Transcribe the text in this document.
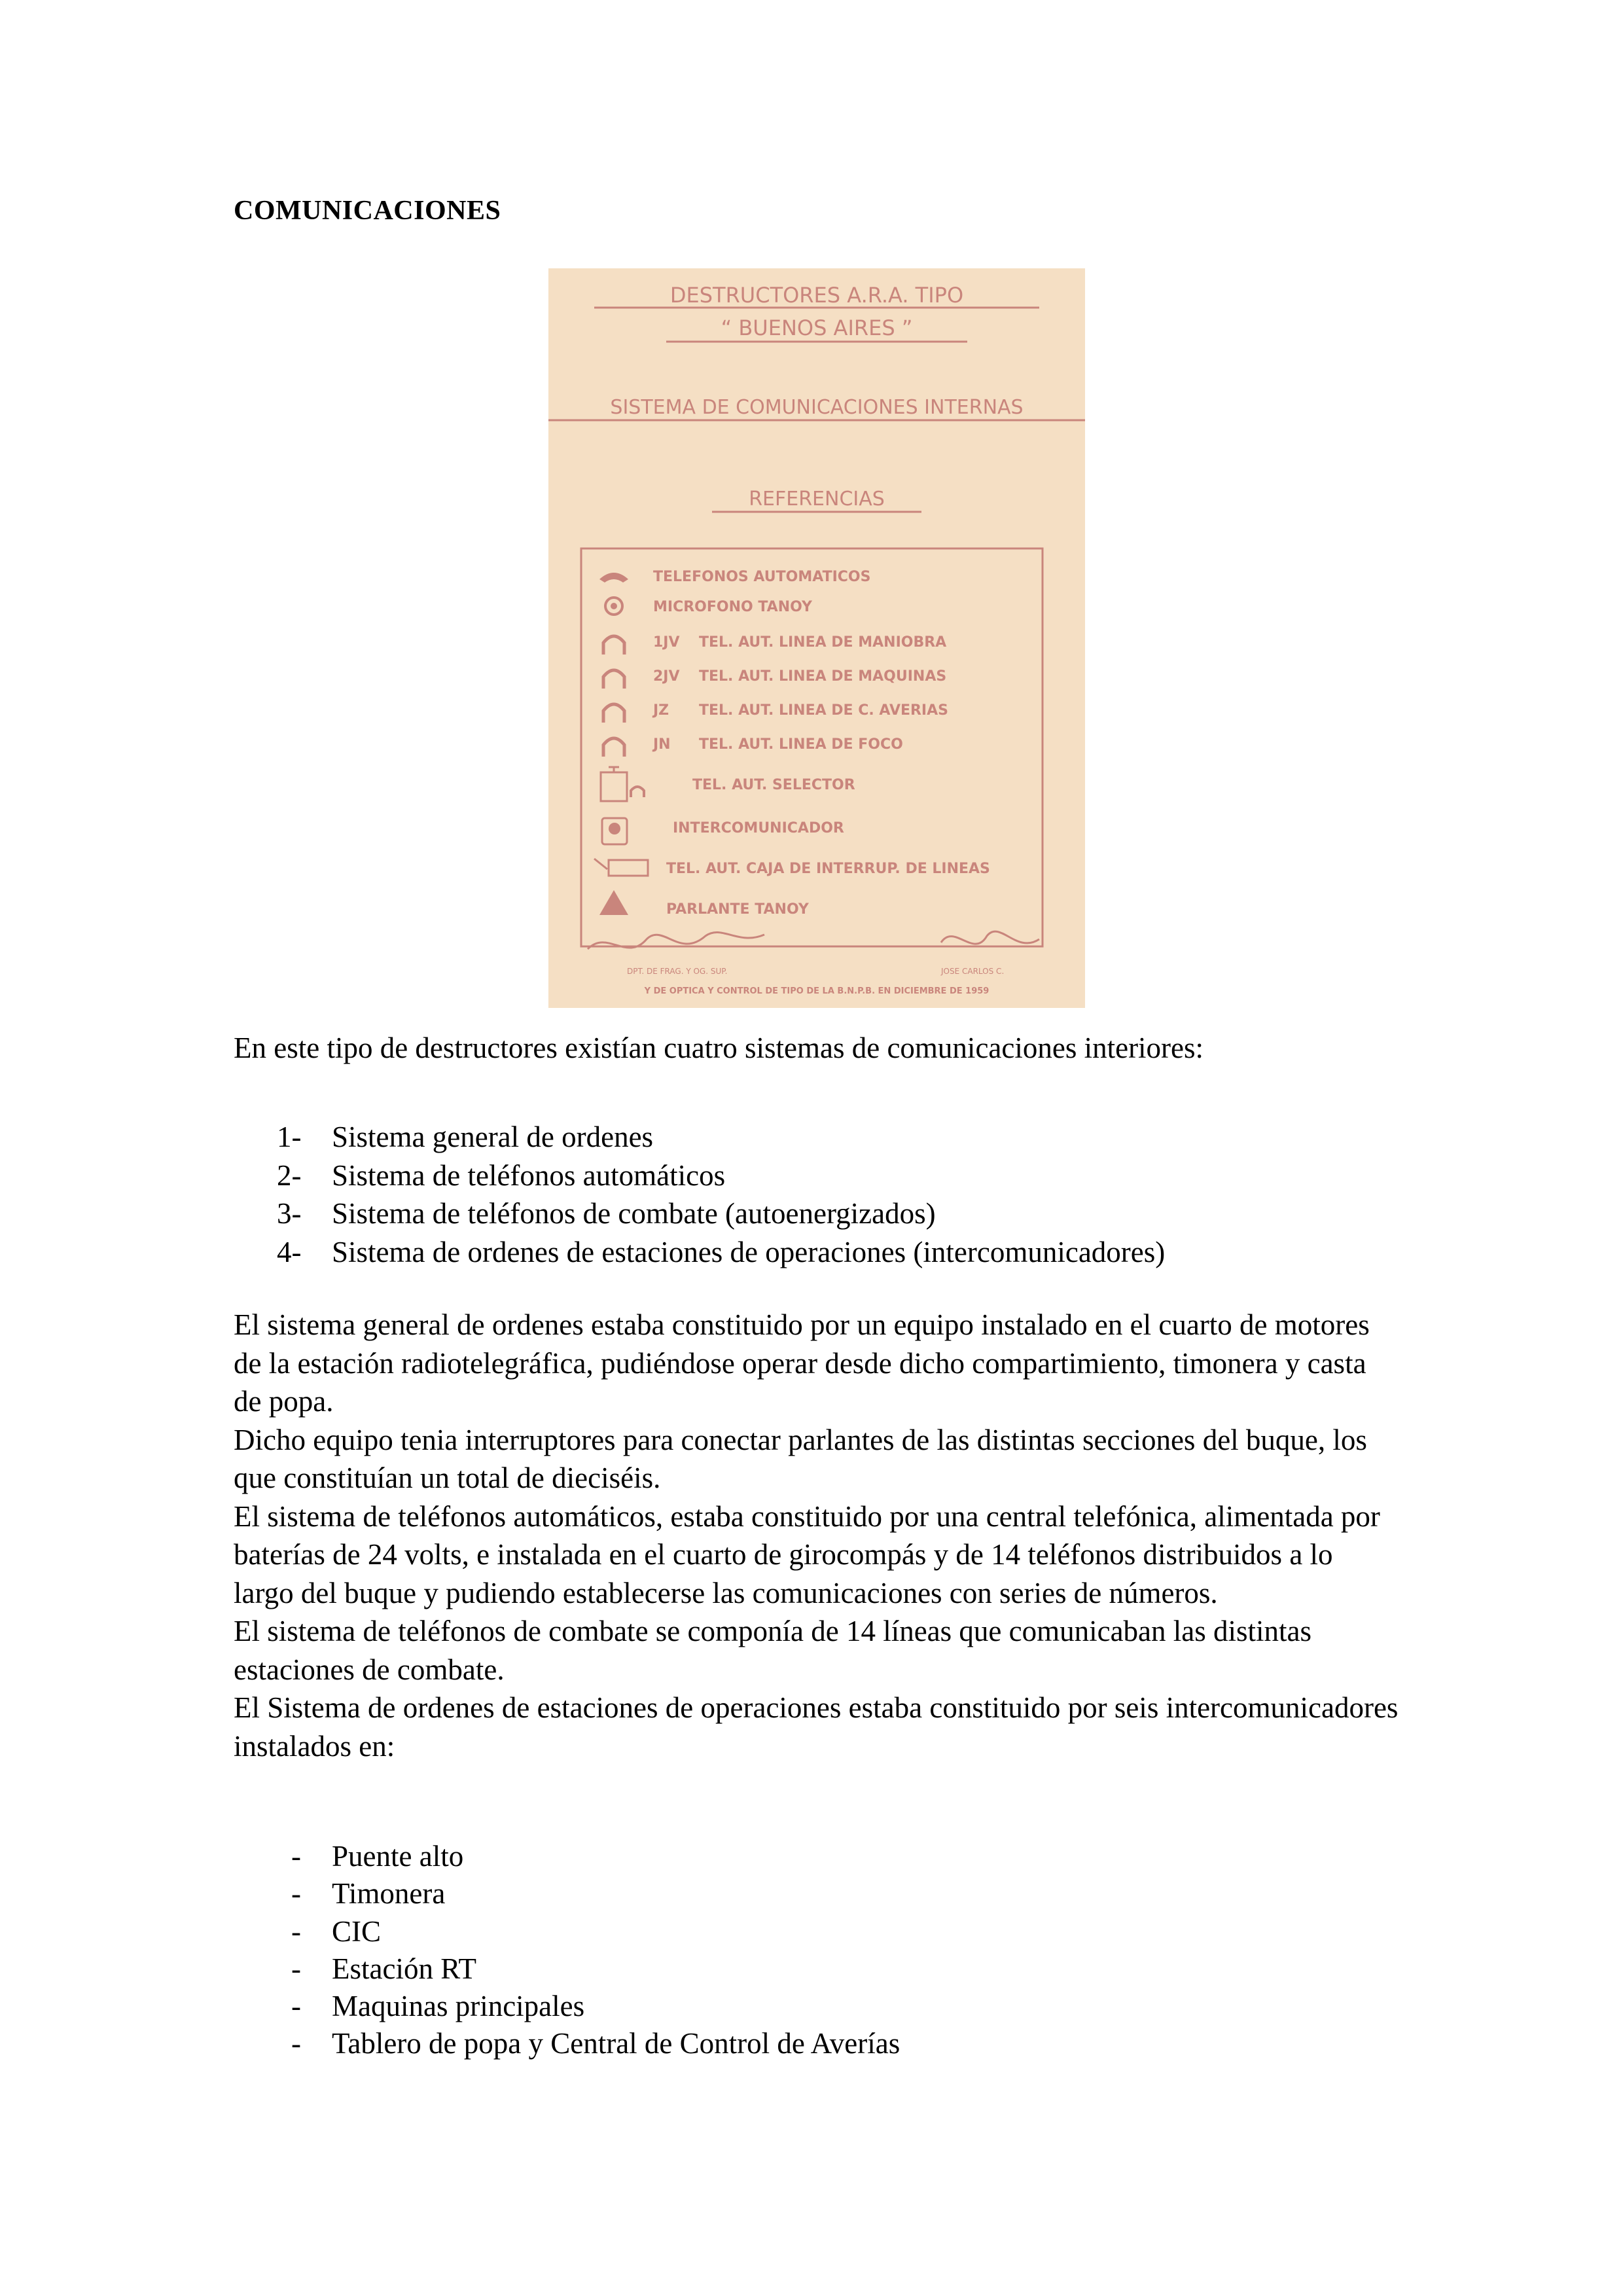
COMUNICACIONES
DESTRUCTORES A.R.A. TIPO
“ BUENOS AIRES ”
SISTEMA DE COMUNICACIONES INTERNAS
REFERENCIAS
TELEFONOS AUTOMATICOS
MICROFONO TANOY
1JV TEL. AUT. LINEA DE MANIOBRA
2JV TEL. AUT. LINEA DE MAQUINAS
JZ TEL. AUT. LINEA DE C. AVERIAS
JN TEL. AUT. LINEA DE FOCO
TEL. AUT. SELECTOR
INTERCOMUNICADOR
TEL. AUT. CAJA DE INTERRUP. DE LINEAS
PARLANTE TANOY
DPT. DE FRAG. Y OG. SUP.	JOSE CARLOS C.
Y DE OPTICA Y CONTROL DE TIPO DE LA B.N.P.B. EN DICIEMBRE DE 1959
En este tipo de destructores existían cuatro sistemas de comunicaciones interiores:
1- Sistema general de ordenes
2- Sistema de teléfonos automáticos
3- Sistema de teléfonos de combate (autoenergizados)
4- Sistema de ordenes de estaciones de operaciones (intercomunicadores)

El sistema general de ordenes estaba constituido por un equipo instalado en el cuarto de motores de la estación radiotelegráfica, pudiéndose operar desde dicho compartimiento, timonera y casta de popa.

Dicho equipo tenia interruptores para conectar parlantes de las distintas secciones del buque, los que constituían un total de dieciséis.

El sistema de teléfonos automáticos, estaba constituido por una central telefónica, alimentada por baterías de 24 volts, e instalada en el cuarto de girocompás y de 14 teléfonos distribuidos a lo largo del buque y pudiendo establecerse las comunicaciones con series de números.

El sistema de teléfonos de combate se componía de 14 líneas que comunicaban las distintas estaciones de combate.

El Sistema de ordenes de estaciones de operaciones estaba constituido por seis intercomunicadores instalados en:

- Puente alto
- Timonera
- CIC
- Estación RT
- Maquinas principales
- Tablero de popa y Central de Control de Averías
